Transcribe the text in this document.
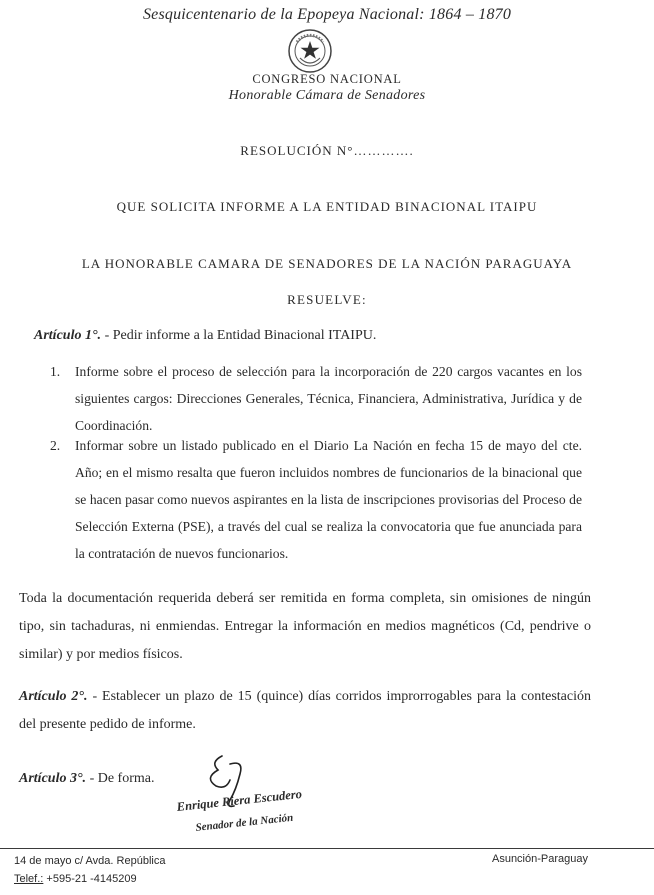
Sesquicentenario de la Epopeya Nacional: 1864 – 1870
CONGRESO NACIONAL
Honorable Cámara de Senadores
RESOLUCIÓN N°………….
QUE SOLICITA INFORME A LA ENTIDAD BINACIONAL ITAIPU
LA HONORABLE CAMARA DE SENADORES DE LA NACIÓN PARAGUAYA
RESUELVE:
Artículo 1°. - Pedir informe a la Entidad Binacional ITAIPU.
1. Informe sobre el proceso de selección para la incorporación de 220 cargos vacantes en los siguientes cargos: Direcciones Generales, Técnica, Financiera, Administrativa, Jurídica y de Coordinación.
2. Informar sobre un listado publicado en el Diario La Nación en fecha 15 de mayo del cte. Año; en el mismo resalta que fueron incluidos nombres de funcionarios de la binacional que se hacen pasar como nuevos aspirantes en la lista de inscripciones provisorias del Proceso de Selección Externa (PSE), a través del cual se realiza la convocatoria que fue anunciada para la contratación de nuevos funcionarios.
Toda la documentación requerida deberá ser remitida en forma completa, sin omisiones de ningún tipo, sin tachaduras, ni enmiendas. Entregar la información en medios magnéticos (Cd, pendrive o similar) y por medios físicos.
Artículo 2°. - Establecer un plazo de 15 (quince) días corridos improrrogables para la contestación del presente pedido de informe.
Artículo 3°. - De forma.
Enrique Riera Escudero
Senador de la Nación
14 de mayo c/ Avda. República
Telef.: +595-21 -4145209
Asunción-Paraguay
